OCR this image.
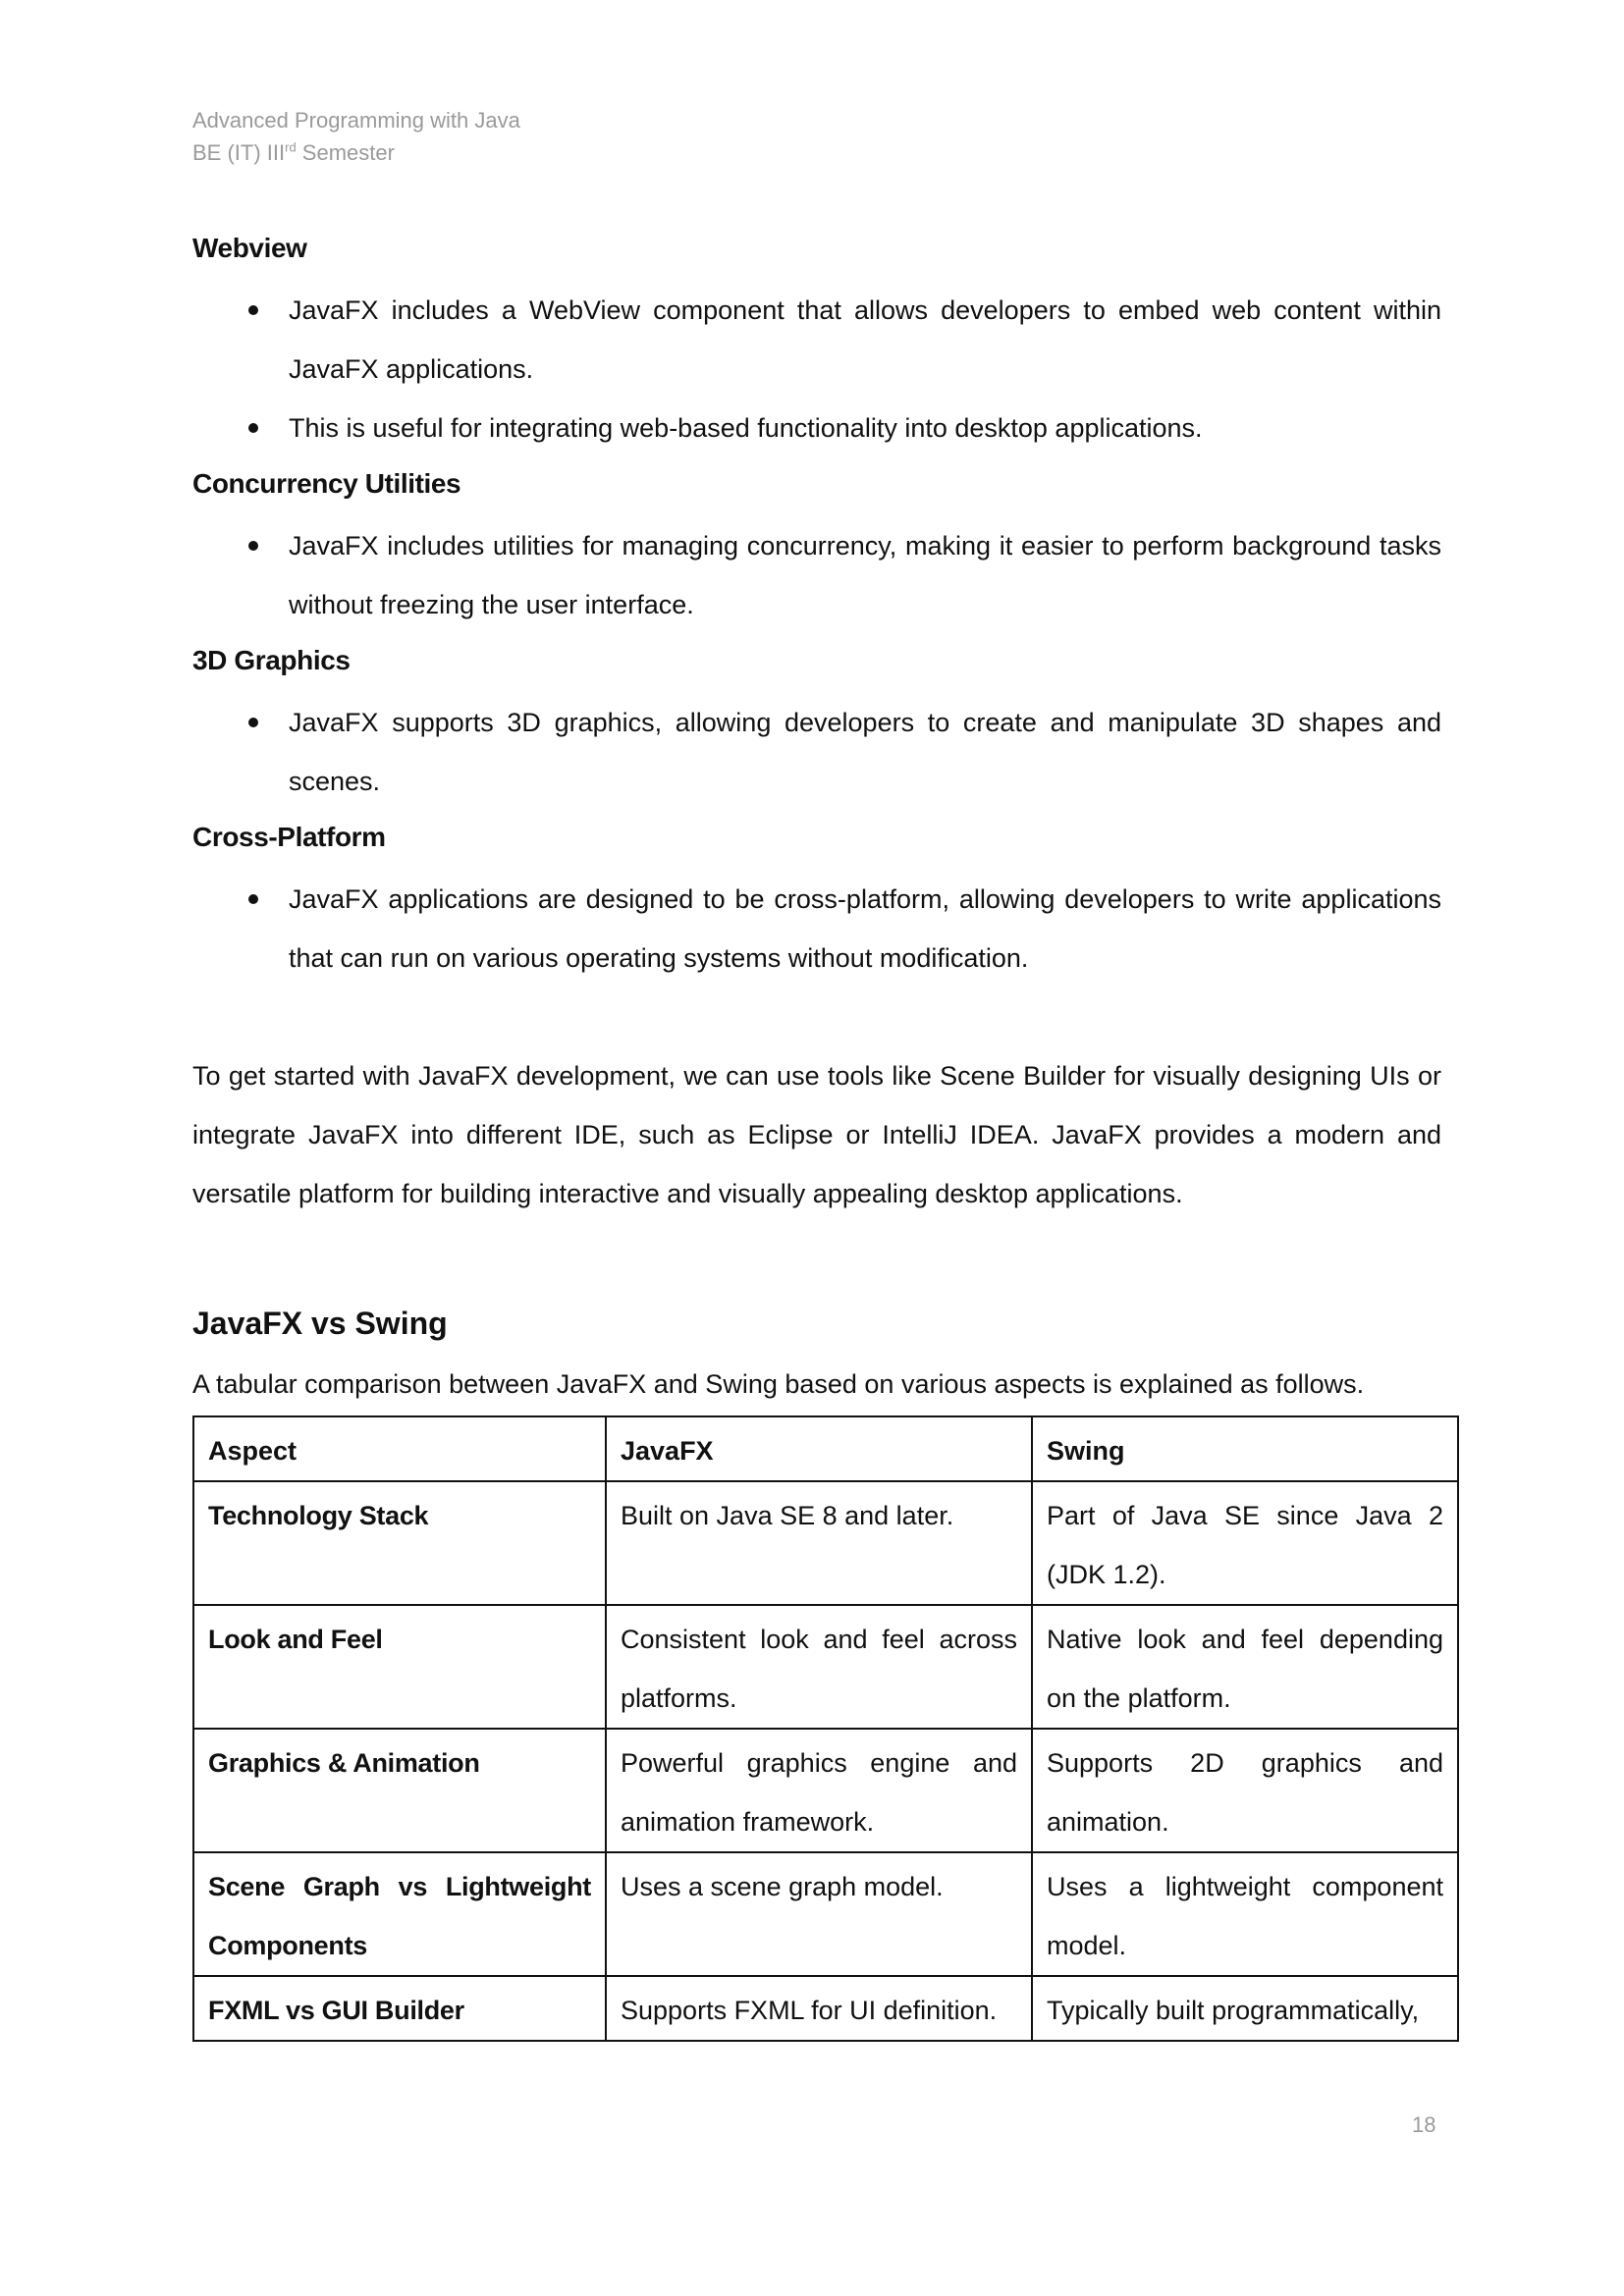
Advanced Programming with Java
BE (IT) IIIrd Semester
Webview
JavaFX includes a WebView component that allows developers to embed web content within JavaFX applications.
This is useful for integrating web-based functionality into desktop applications.
Concurrency Utilities
JavaFX includes utilities for managing concurrency, making it easier to perform background tasks without freezing the user interface.
3D Graphics
JavaFX supports 3D graphics, allowing developers to create and manipulate 3D shapes and scenes.
Cross-Platform
JavaFX applications are designed to be cross-platform, allowing developers to write applications that can run on various operating systems without modification.

To get started with JavaFX development, we can use tools like Scene Builder for visually designing UIs or integrate JavaFX into different IDE, such as Eclipse or IntelliJ IDEA. JavaFX provides a modern and versatile platform for building interactive and visually appealing desktop applications.

JavaFX vs Swing

A tabular comparison between JavaFX and Swing based on various aspects is explained as follows.

Aspect	JavaFX	Swing
Technology Stack	Built on Java SE 8 and later.	Part of Java SE since Java 2 (JDK 1.2).
Look and Feel	Consistent look and feel across platforms.	Native look and feel depending on the platform.
Graphics & Animation	Powerful graphics engine and animation framework.	Supports 2D graphics and animation.
Scene Graph vs Lightweight Components	Uses a scene graph model.	Uses a lightweight component model.
FXML vs GUI Builder	Supports FXML for UI definition.	Typically built programmatically,
18
